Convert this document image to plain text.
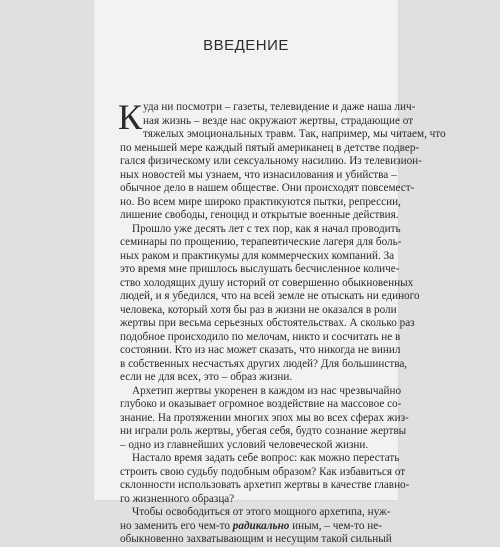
ВВЕДЕНИЕ
К уда ни посмотри – газеты, телевидение и даже наша лич-
ная жизнь – везде нас окружают жертвы, страдающие от
тяжелых эмоциональных травм. Так, например, мы читаем, что
по меньшей мере каждый пятый американец в детстве подвер-
гался физическому или сексуальному насилию. Из телевизион-
ных новостей мы узнаем, что изнасилования и убийства –
обычное дело в нашем обществе. Они происходят повсемест-
но. Во всем мире широко практикуются пытки, репрессии,
лишение свободы, геноцид и открытые военные действия.
Прошло уже десять лет с тех пор, как я начал проводить
семинары по прощению, терапевтические лагеря для боль-
ных раком и практикумы для коммерческих компаний. За
это время мне пришлось выслушать бесчисленное количе-
ство холодящих душу историй от совершенно обыкновенных
людей, и я убедился, что на всей земле не отыскать ни единого
человека, который хотя бы раз в жизни не оказался в роли
жертвы при весьма серьезных обстоятельствах. А сколько раз
подобное происходило по мелочам, никто и сосчитать не в
состоянии. Кто из нас может сказать, что никогда не винил
в собственных несчастьях других людей? Для большинства,
если не для всех, это – образ жизни.
Архетип жертвы укоренен в каждом из нас чрезвычайно
глубоко и оказывает огромное воздействие на массовое со-
знание. На протяжении многих эпох мы во всех сферах жиз-
ни играли роль жертвы, убегая себя, будто сознание жертвы
– одно из главнейших условий человеческой жизни.
Настало время задать себе вопрос: как можно перестать
строить свою судьбу подобным образом? Как избавиться от
склонности использовать архетип жертвы в качестве главно-
го жизненного образца?
Чтобы освободиться от этого мощного архетипа, нуж-
но заменить его чем-то радикально иным, – чем-то не-
обыкновенно захватывающим и несущим такой сильный
